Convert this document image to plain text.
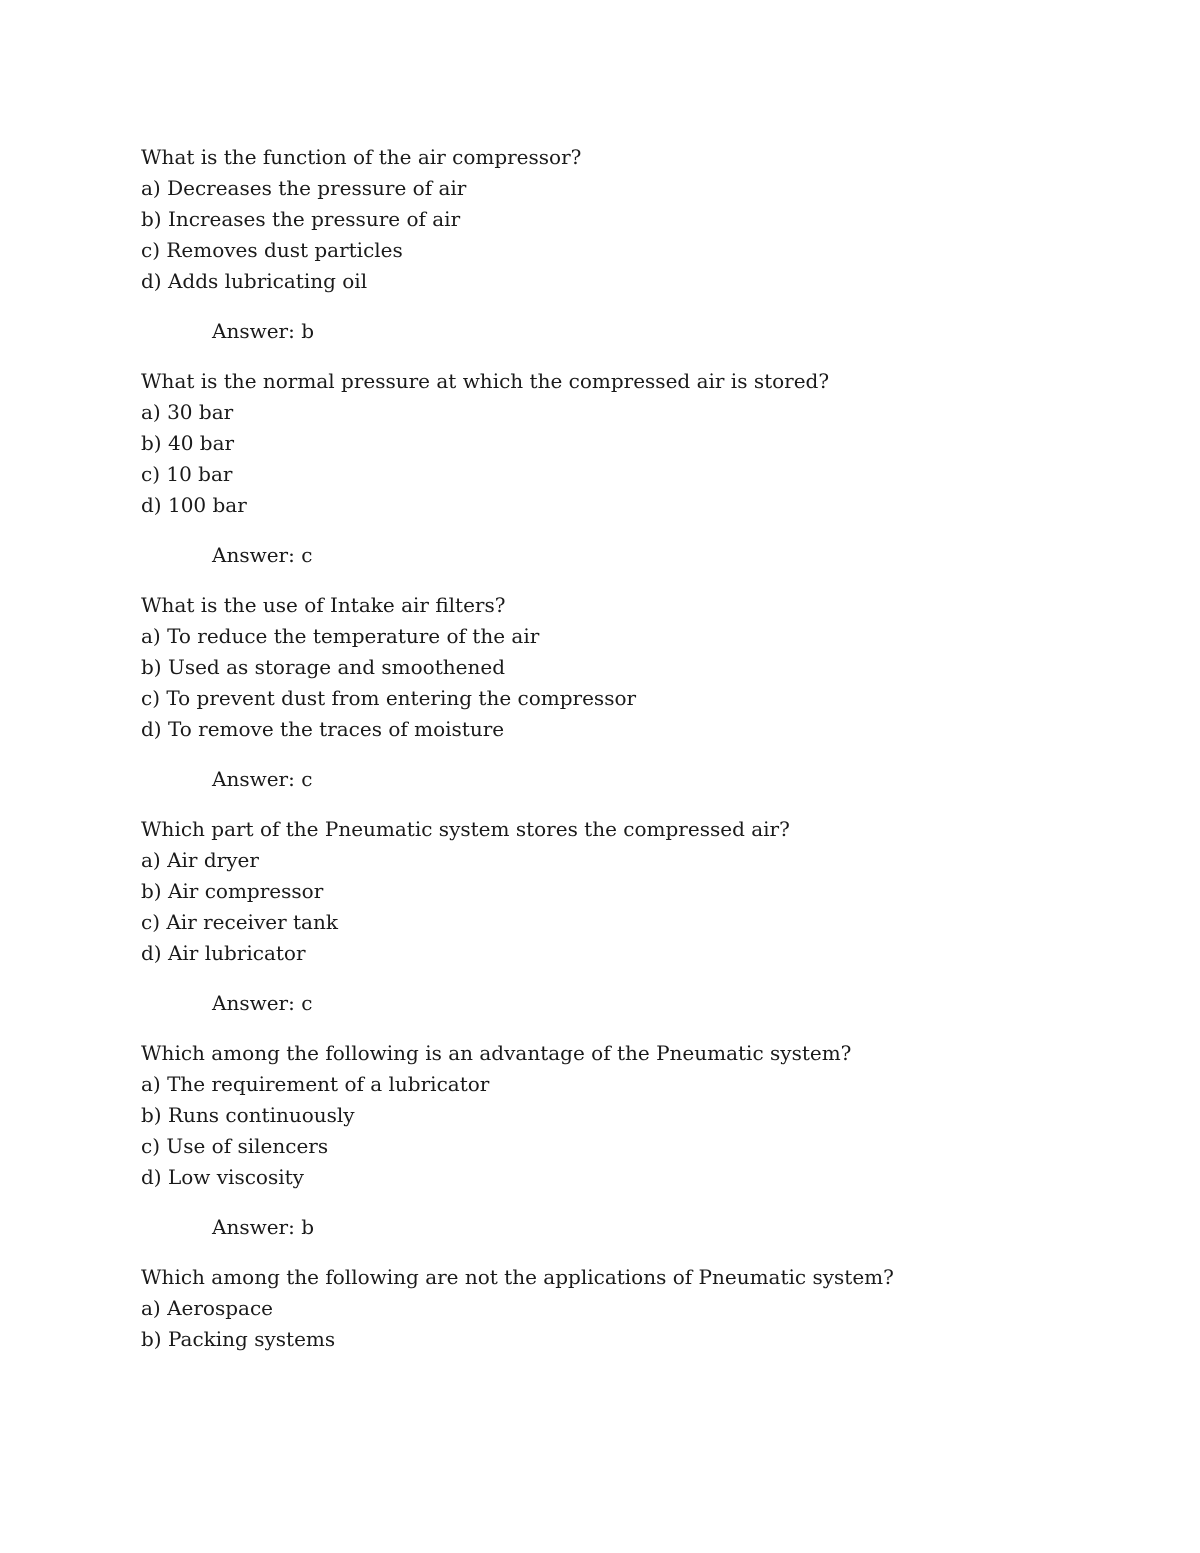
What is the function of the air compressor?
a) Decreases the pressure of air
b) Increases the pressure of air
c) Removes dust particles
d) Adds lubricating oil
Answer: b
What is the normal pressure at which the compressed air is stored?
a) 30 bar
b) 40 bar
c) 10 bar
d) 100 bar
Answer: c
What is the use of Intake air filters?
a) To reduce the temperature of the air
b) Used as storage and smoothened
c) To prevent dust from entering the compressor
d) To remove the traces of moisture
Answer: c
Which part of the Pneumatic system stores the compressed air?
a) Air dryer
b) Air compressor
c) Air receiver tank
d) Air lubricator
Answer: c
Which among the following is an advantage of the Pneumatic system?
a) The requirement of a lubricator
b) Runs continuously
c) Use of silencers
d) Low viscosity
Answer: b
Which among the following are not the applications of Pneumatic system?
a) Aerospace
b) Packing systems
